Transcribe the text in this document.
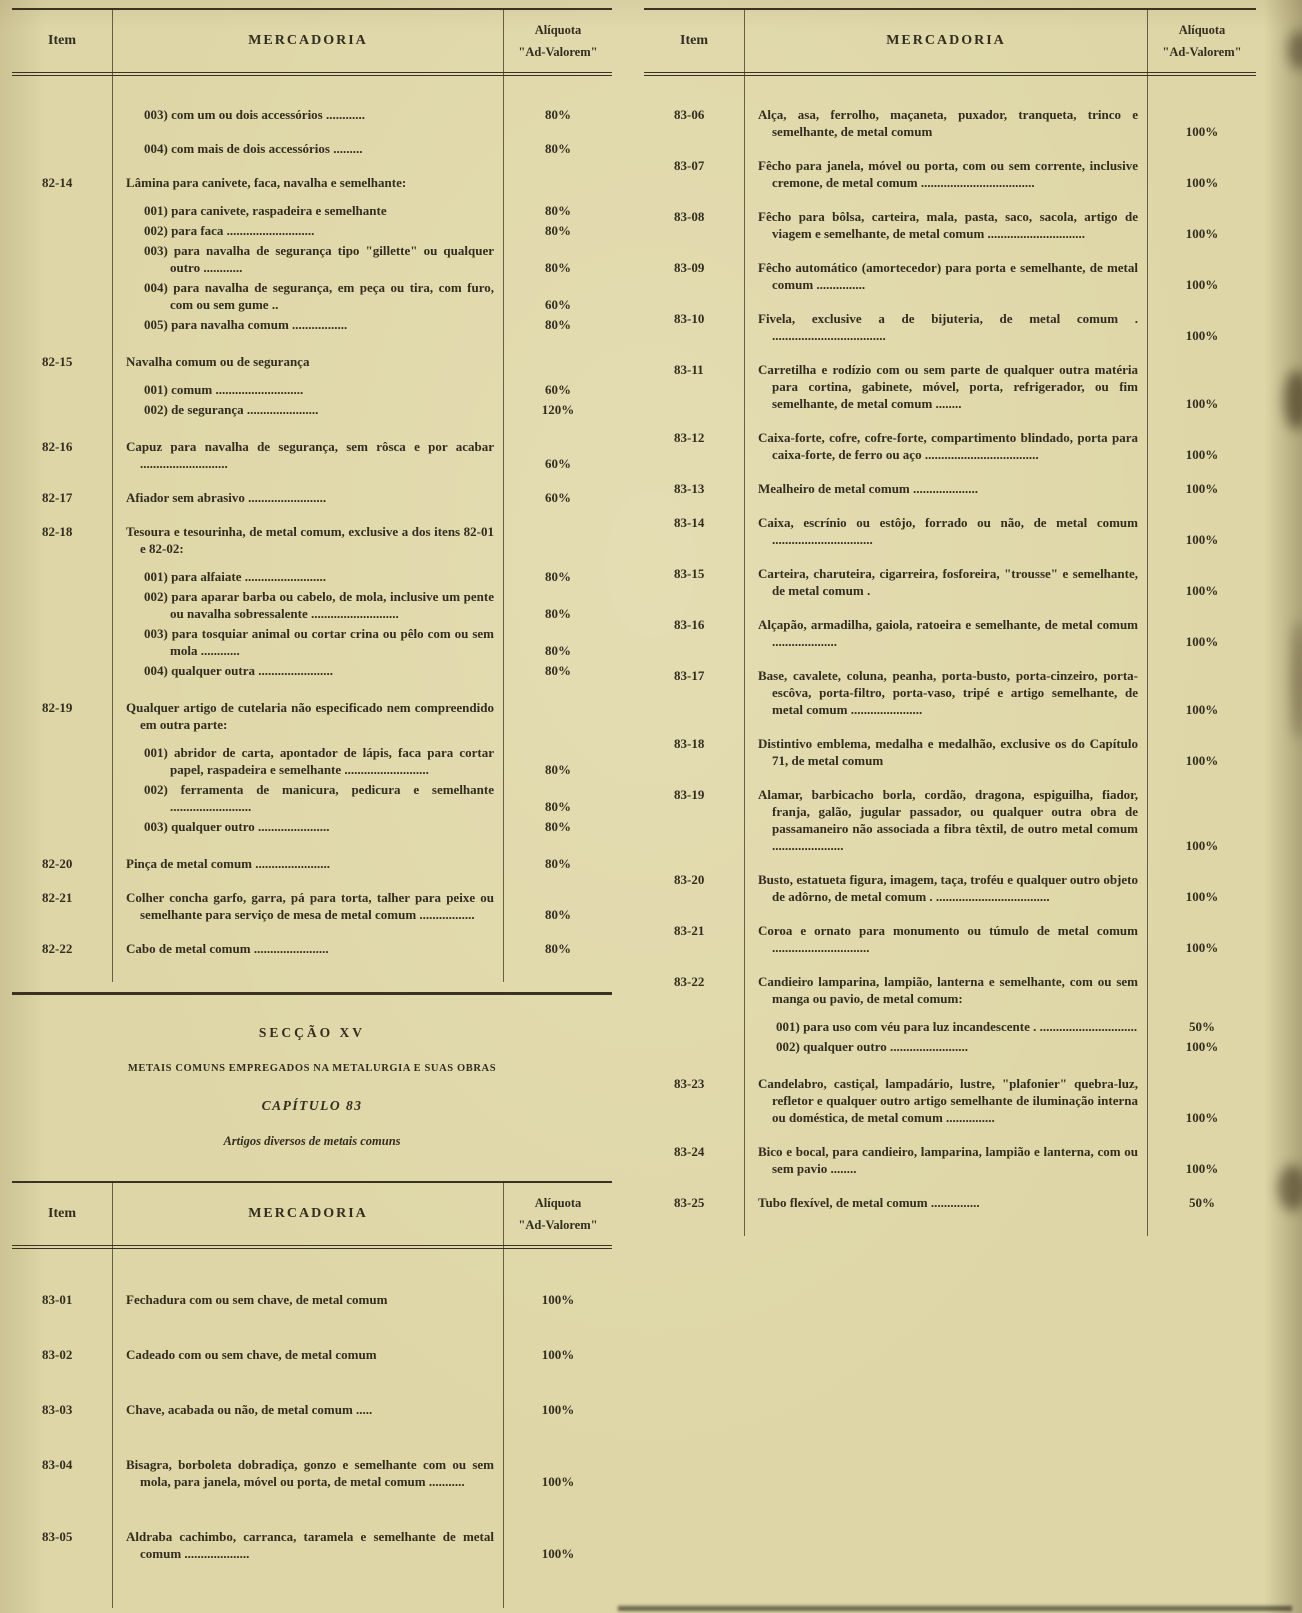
Item	MERCADORIA
Alíquota
"Ad-Valorem"
003) com um ou dois accessórios ............	80%
004) com mais de dois accessórios .........	80%
82-14	Lâmina para canivete, faca, navalha e semelhante:
001) para canivete, raspadeira e semelhante	80%
002) para faca ...........................	80%
003) para navalha de segurança tipo "gillette" ou qualquer outro ............	80%
004) para navalha de segurança, em peça ou tira, com furo, com ou sem gume ..	60%
005) para navalha comum .................	80%
82-15	Navalha comum ou de segurança
001) comum ...........................	60%
002) de segurança ......................	120%
82-16	Capuz para navalha de segurança, sem rôsca e por acabar ...........................	60%
82-17	Afiador sem abrasivo ........................	60%
82-18	Tesoura e tesourinha, de metal comum, exclusive a dos itens 82-01 e 82-02:
001) para alfaiate .........................	80%
002) para aparar barba ou cabelo, de mola, inclusive um pente ou navalha sobressalente ...........................	80%
003) para tosquiar animal ou cortar crina ou pêlo com ou sem mola ............	80%
004) qualquer outra .......................	80%
82-19	Qualquer artigo de cutelaria não especificado nem compreendido em outra parte:
001) abridor de carta, apontador de lápis, faca para cortar papel, raspadeira e semelhante ..........................	80%
002) ferramenta de manicura, pedicura e semelhante .........................	80%
003) qualquer outro ......................	80%
82-20	Pinça de metal comum .......................	80%
82-21	Colher concha garfo, garra, pá para torta, talher para peixe ou semelhante para serviço de mesa de metal comum .................	80%
82-22	Cabo de metal comum .......................	80%
SECÇÃO XV
METAIS COMUNS EMPREGADOS NA METALURGIA E SUAS OBRAS
CAPÍTULO 83
Artigos diversos de metais comuns
Item	MERCADORIA
Alíquota
"Ad-Valorem"
83-01	Fechadura com ou sem chave, de metal comum	100%
83-02	Cadeado com ou sem chave, de metal comum	100%
83-03	Chave, acabada ou não, de metal comum .....	100%
83-04	Bisagra, borboleta dobradiça, gonzo e semelhante com ou sem mola, para janela, móvel ou porta, de metal comum ...........	100%
83-05	Aldraba cachimbo, carranca, taramela e semelhante de metal comum ....................	100%
Item	MERCADORIA
Alíquota
"Ad-Valorem"
83-06	Alça, asa, ferrolho, maçaneta, puxador, tranqueta, trinco e semelhante, de metal comum	100%
83-07	Fêcho para janela, móvel ou porta, com ou sem corrente, inclusive cremone, de metal comum ...................................	100%
83-08	Fêcho para bôlsa, carteira, mala, pasta, saco, sacola, artigo de viagem e semelhante, de metal comum ..............................	100%
83-09	Fêcho automático (amortecedor) para porta e semelhante, de metal comum ...............	100%
83-10	Fivela, exclusive a de bijuteria, de metal comum . ...................................	100%
83-11	Carretilha e rodízio com ou sem parte de qualquer outra matéria para cortina, gabinete, móvel, porta, refrigerador, ou fim semelhante, de metal comum ........	100%
83-12	Caixa-forte, cofre, cofre-forte, compartimento blindado, porta para caixa-forte, de ferro ou aço ...................................	100%
83-13	Mealheiro de metal comum ....................	100%
83-14	Caixa, escrínio ou estôjo, forrado ou não, de metal comum ...............................	100%
83-15	Carteira, charuteira, cigarreira, fosforeira, "trousse" e semelhante, de metal comum .	100%
83-16	Alçapão, armadilha, gaiola, ratoeira e semelhante, de metal comum ....................	100%
83-17	Base, cavalete, coluna, peanha, porta-busto, porta-cinzeiro, porta-escôva, porta-filtro, porta-vaso, tripé e artigo semelhante, de metal comum ......................	100%
83-18	Distintivo emblema, medalha e medalhão, exclusive os do Capítulo 71, de metal comum	100%
83-19	Alamar, barbicacho borla, cordão, dragona, espiguilha, fiador, franja, galão, jugular passador, ou qualquer outra obra de passamaneiro não associada a fibra têxtil, de outro metal comum ......................	100%
83-20	Busto, estatueta figura, imagem, taça, troféu e qualquer outro objeto de adôrno, de metal comum . ...................................	100%
83-21	Coroa e ornato para monumento ou túmulo de metal comum ..............................	100%
83-22	Candieiro lamparina, lampião, lanterna e semelhante, com ou sem manga ou pavio, de metal comum:
001) para uso com véu para luz incandescente . ..............................	50%
002) qualquer outro ........................	100%
83-23	Candelabro, castiçal, lampadário, lustre, "plafonier" quebra-luz, refletor e qualquer outro artigo semelhante de iluminação interna ou doméstica, de metal comum ...............	100%
83-24	Bico e bocal, para candieiro, lamparina, lampião e lanterna, com ou sem pavio ........	100%
83-25	Tubo flexível, de metal comum ...............	50%
